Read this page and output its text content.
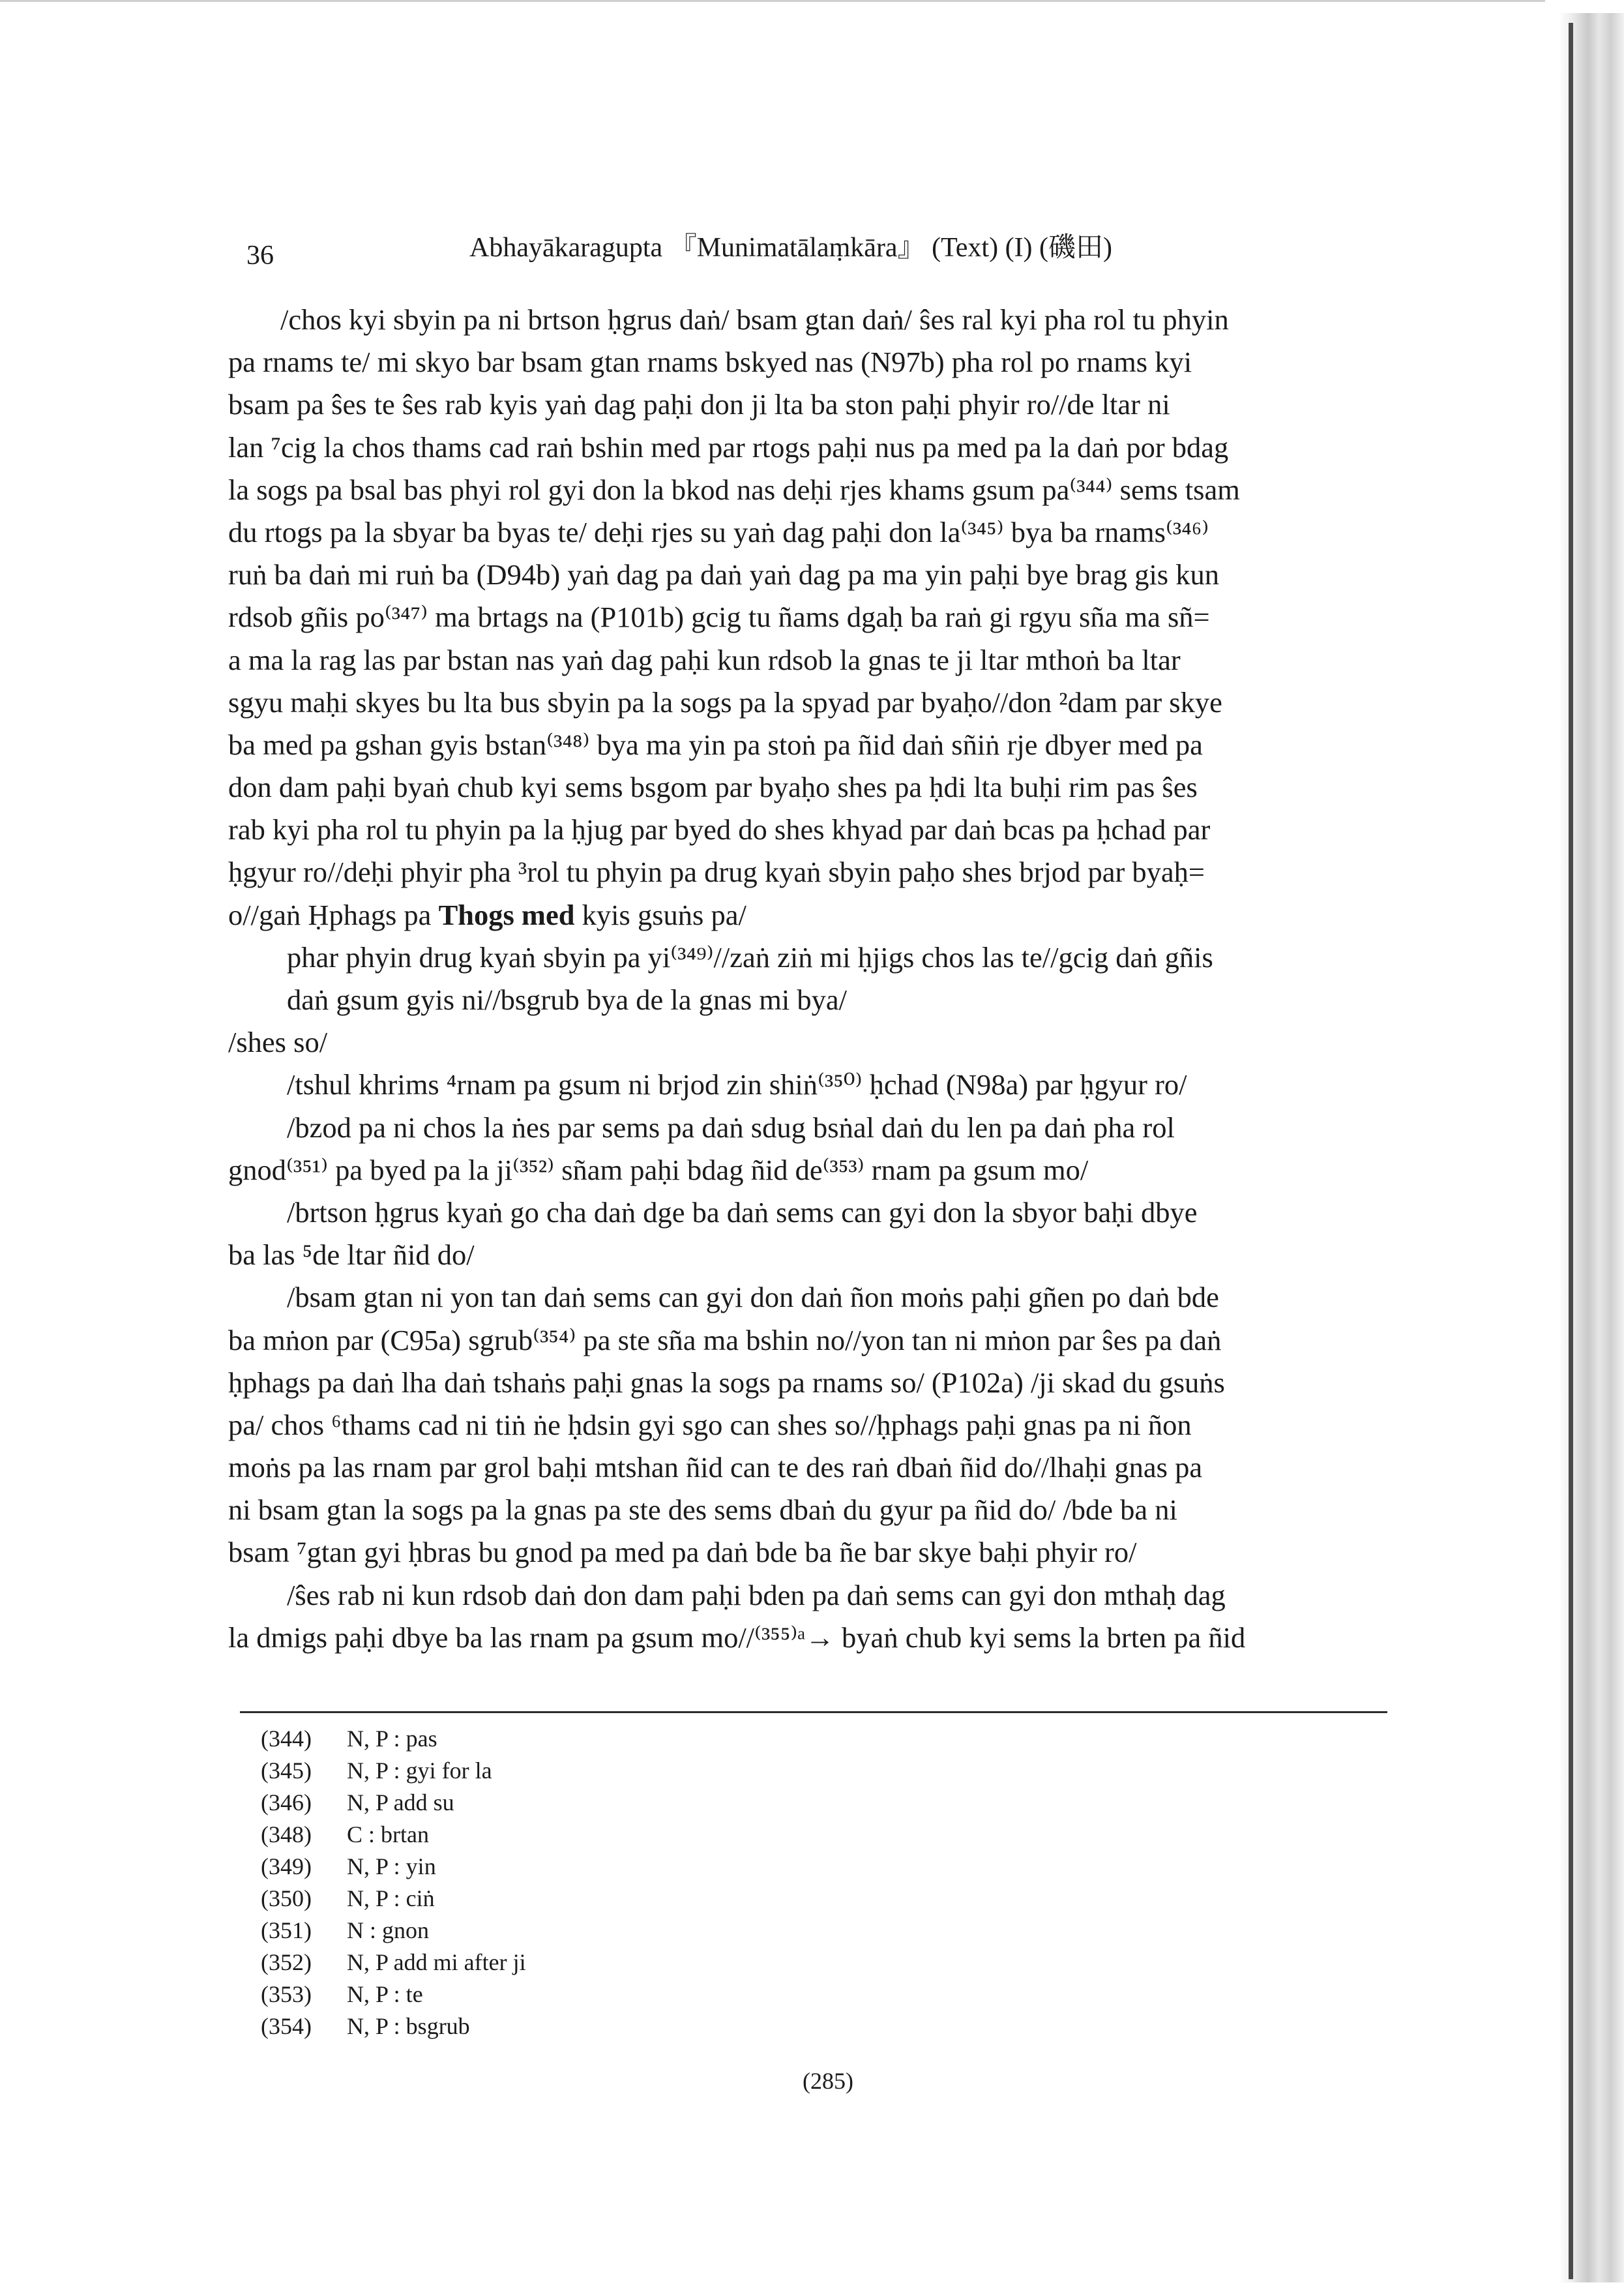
36	Abhayākaragupta 『Munimatālaṃkāra』 (Text) (I) (磯田)
/chos kyi sbyin pa ni brtson ḥgrus daṅ/ bsam gtan daṅ/ ŝes ral kyi pha rol tu phyin
pa rnams te/ mi skyo bar bsam gtan rnams bskyed nas (N97b) pha rol po rnams kyi
bsam pa ŝes te ŝes rab kyis yaṅ dag paḥi don ji lta ba ston paḥi phyir ro//de ltar ni
lan ⁷cig la chos thams cad raṅ bshin med par rtogs paḥi nus pa med pa la daṅ por bdag
la sogs pa bsal bas phyi rol gyi don la bkod nas deḥi rjes khams gsum pa⁽³⁴⁴⁾ sems tsam
du rtogs pa la sbyar ba byas te/ deḥi rjes su yaṅ dag paḥi don la⁽³⁴⁵⁾ bya ba rnams⁽³⁴⁶⁾
ruṅ ba daṅ mi ruṅ ba (D94b) yaṅ dag pa daṅ yaṅ dag pa ma yin paḥi bye brag gis kun
rdsob gñis po⁽³⁴⁷⁾ ma brtags na (P101b) gcig tu ñams dgaḥ ba raṅ gi rgyu sña ma sñ=
a ma la rag las par bstan nas yaṅ dag paḥi kun rdsob la gnas te ji ltar mthoṅ ba ltar
sgyu maḥi skyes bu lta bus sbyin pa la sogs pa la spyad par byaḥo//don ²dam par skye
ba med pa gshan gyis bstan⁽³⁴⁸⁾ bya ma yin pa stoṅ pa ñid daṅ sñiṅ rje dbyer med pa
don dam paḥi byaṅ chub kyi sems bsgom par byaḥo shes pa ḥdi lta buḥi rim pas ŝes
rab kyi pha rol tu phyin pa la ḥjug par byed do shes khyad par daṅ bcas pa ḥchad par
ḥgyur ro//deḥi phyir pha ³rol tu phyin pa drug kyaṅ sbyin paḥo shes brjod par byaḥ=
o//gaṅ Ḥphags pa Thogs med kyis gsuṅs pa/
phar phyin drug kyaṅ sbyin pa yi⁽³⁴⁹⁾//zaṅ ziṅ mi ḥjigs chos las te//gcig daṅ gñis
daṅ gsum gyis ni//bsgrub bya de la gnas mi bya/
/shes so/
/tshul khrims ⁴rnam pa gsum ni brjod zin shiṅ⁽³⁵⁰⁾ ḥchad (N98a) par ḥgyur ro/
/bzod pa ni chos la ṅes par sems pa daṅ sdug bsṅal daṅ du len pa daṅ pha rol
gnod⁽³⁵¹⁾ pa byed pa la ji⁽³⁵²⁾ sñam paḥi bdag ñid de⁽³⁵³⁾ rnam pa gsum mo/
/brtson ḥgrus kyaṅ go cha daṅ dge ba daṅ sems can gyi don la sbyor baḥi dbye
ba las ⁵de ltar ñid do/
/bsam gtan ni yon tan daṅ sems can gyi don daṅ ñon moṅs paḥi gñen po daṅ bde
ba mṅon par (C95a) sgrub⁽³⁵⁴⁾ pa ste sña ma bshin no//yon tan ni mṅon par ŝes pa daṅ
ḥphags pa daṅ lha daṅ tshaṅs paḥi gnas la sogs pa rnams so/ (P102a) /ji skad du gsuṅs
pa/ chos ⁶thams cad ni tiṅ ṅe ḥdsin gyi sgo can shes so//ḥphags paḥi gnas pa ni ñon
moṅs pa las rnam par grol baḥi mtshan ñid can te des raṅ dbaṅ ñid do//lhaḥi gnas pa
ni bsam gtan la sogs pa la gnas pa ste des sems dbaṅ du gyur pa ñid do/ /bde ba ni
bsam ⁷gtan gyi ḥbras bu gnod pa med pa daṅ bde ba ñe bar skye baḥi phyir ro/
/ŝes rab ni kun rdsob daṅ don dam paḥi bden pa daṅ sems can gyi don mthaḥ dag
la dmigs paḥi dbye ba las rnam pa gsum mo//⁽³⁵⁵⁾ᵃ→ byaṅ chub kyi sems la brten pa ñid
(344) N, P : pas
(345) N, P : gyi for la
(346) N, P add su
(348) C : brtan
(349) N, P : yin
(350) N, P : ciṅ
(351) N : gnon
(352) N, P add mi after ji
(353) N, P : te
(354) N, P : bsgrub
(285)
